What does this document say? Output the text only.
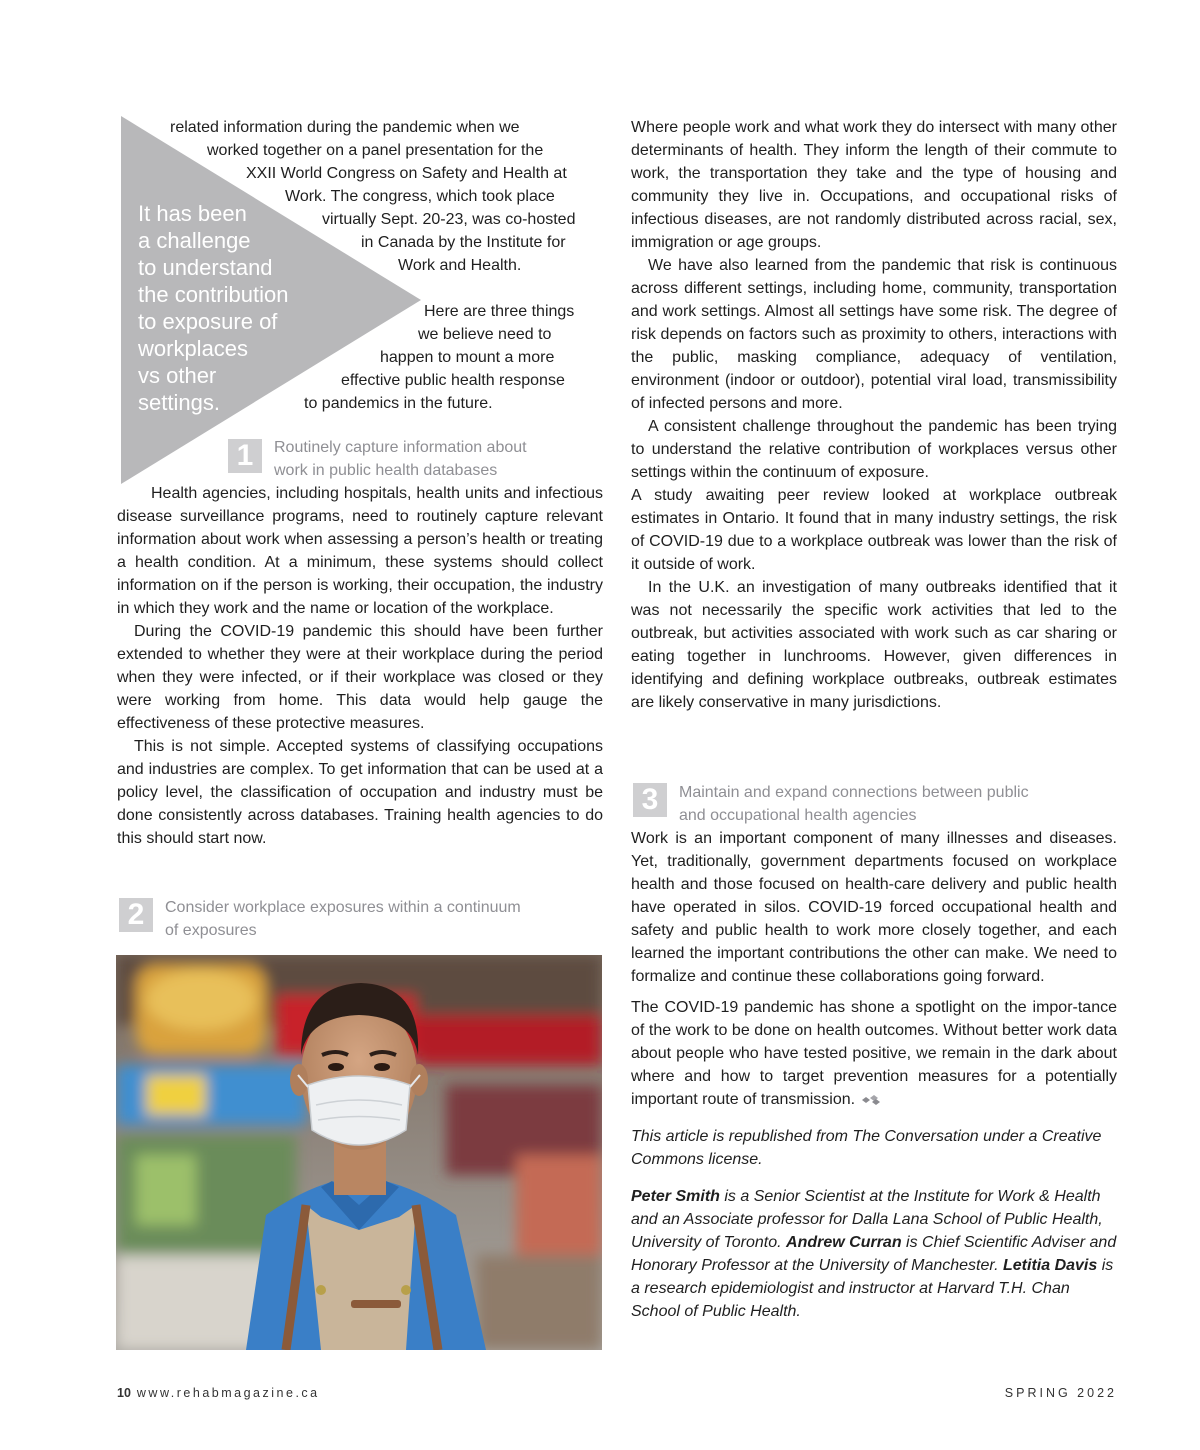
It has been
a challenge
to understand
the contribution
to exposure of
workplaces
vs other
settings.
related information during the pandemic when we
worked together on a panel presentation for the
XXII World Congress on Safety and Health at
Work. The congress, which took place
virtually Sept. 20-23, was co-hosted
in Canada by the Institute for
Work and Health.

Here are three things
we believe need to
happen to mount a more
effective public health response
to pandemics in the future.
1	Routinely capture information about
work in public health databases

Health agencies, including hospitals, health units and infectious disease surveillance programs, need to routinely capture relevant information about work when assessing a person’s health or treating a health condition. At a minimum, these systems should collect information on if the person is working, their occupation, the industry in which they work and the name or location of the workplace.

During the COVID-19 pandemic this should have been further extended to whether they were at their workplace during the period when they were infected, or if their workplace was closed or they were working from home. This data would help gauge the effectiveness of these protective measures.

This is not simple. Accepted systems of classifying occupations and industries are complex. To get information that can be used at a policy level, the classification of occupation and industry must be done consistently across databases. Training health agencies to do this should start now.

2	Consider workplace exposures within a continuum
of exposures

Where people work and what work they do intersect with many other determinants of health. They inform the length of their commute to work, the transportation they take and the type of housing and community they live in. Occupations, and occupational risks of infectious diseases, are not randomly distributed across racial, sex, immigration or age groups.

We have also learned from the pandemic that risk is continuous across different settings, including home, community, transportation and work settings. Almost all settings have some risk. The degree of risk depends on factors such as proximity to others, interactions with the public, masking compliance, adequacy of ventilation, environment (indoor or outdoor), potential viral load, transmissibility of infected persons and more.

A consistent challenge throughout the pandemic has been trying to understand the relative contribution of workplaces versus other settings within the continuum of exposure.

A study awaiting peer review looked at workplace outbreak estimates in Ontario. It found that in many industry settings, the risk of COVID-19 due to a workplace outbreak was lower than the risk of it outside of work.

In the U.K. an investigation of many outbreaks identified that it was not necessarily the specific work activities that led to the outbreak, but activities associated with work such as car sharing or eating together in lunchrooms. However, given differences in identifying and defining workplace outbreaks, outbreak estimates are likely conservative in many jurisdictions.

3	Maintain and expand connections between public
and occupational health agencies

Work is an important component of many illnesses and diseases. Yet, traditionally, government departments focused on workplace health and those focused on health-care delivery and public health have operated in silos. COVID-19 forced occupational health and safety and public health to work more closely together, and each learned the important contributions the other can make. We need to formalize and continue these collaborations going forward.

The COVID-19 pandemic has shone a spotlight on the impor-tance of the work to be done on health outcomes. Without better work data about people who have tested positive, we remain in the dark about where and how to target prevention measures for a potentially important route of transmission.

This article is republished from The Conversation under a Creative Commons license.

Peter Smith is a Senior Scientist at the Institute for Work & Health and an Associate professor for Dalla Lana School of Public Health, University of Toronto. Andrew Curran is Chief Scientific Adviser and Honorary Professor at the University of Manchester. Letitia Davis is a research epidemiologist and instructor at Harvard T.H. Chan School of Public Health.

10 www.rehabmagazine.ca	SPRING 2022
